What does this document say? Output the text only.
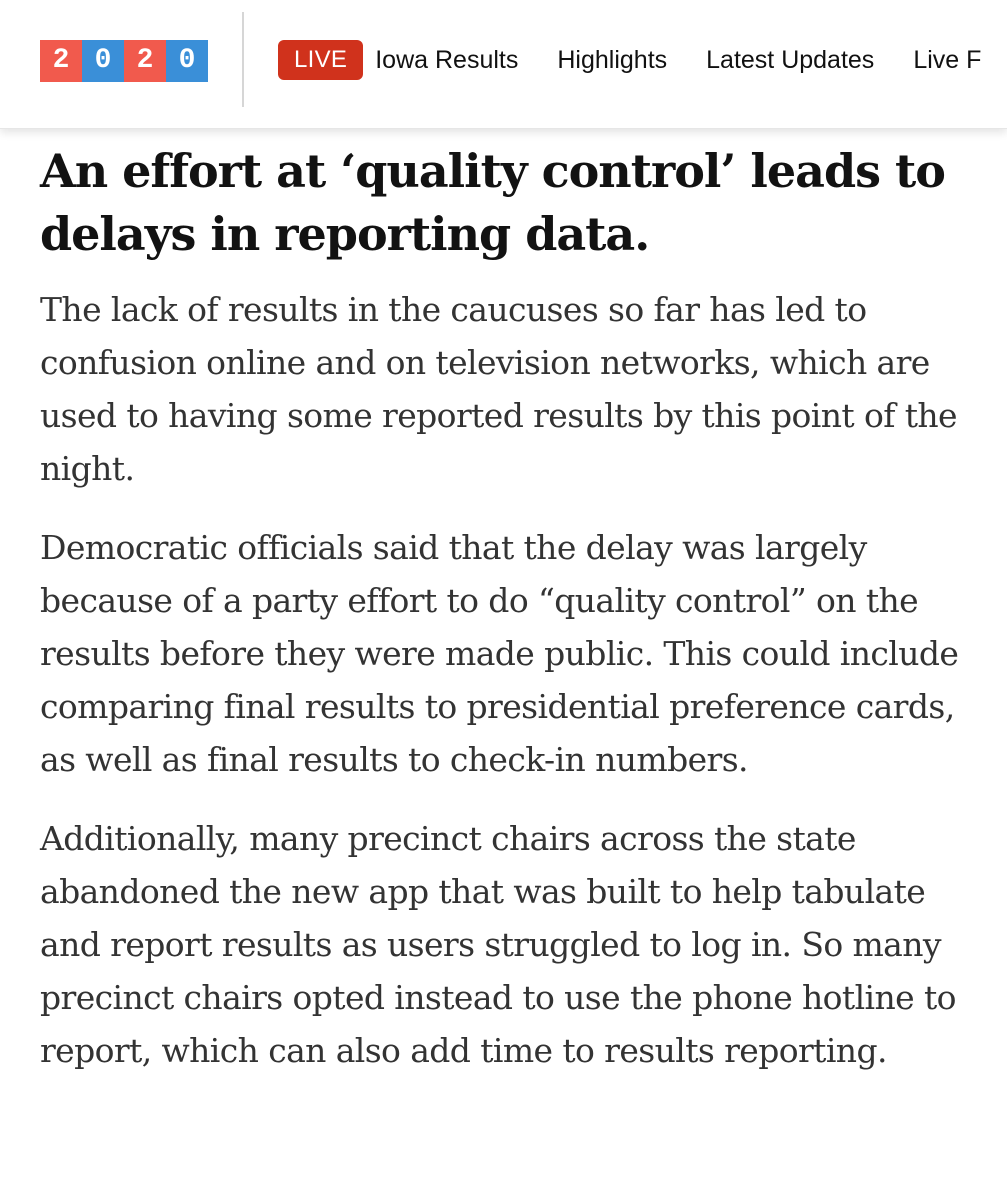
2 0 2 0	LIVE	Iowa Results Highlights Latest Updates Live F
An effort at ‘quality control’ leads to delays in reporting data.

The lack of results in the caucuses so far has led to confusion online and on television networks, which are used to having some reported results by this point of the night.

Democratic officials said that the delay was largely because of a party effort to do “quality control” on the results before they were made public. This could include comparing final results to presidential preference cards, as well as final results to check-in numbers.

Additionally, many precinct chairs across the state abandoned the new app that was built to help tabulate and report results as users struggled to log in. So many precinct chairs opted instead to use the phone hotline to report, which can also add time to results reporting.
